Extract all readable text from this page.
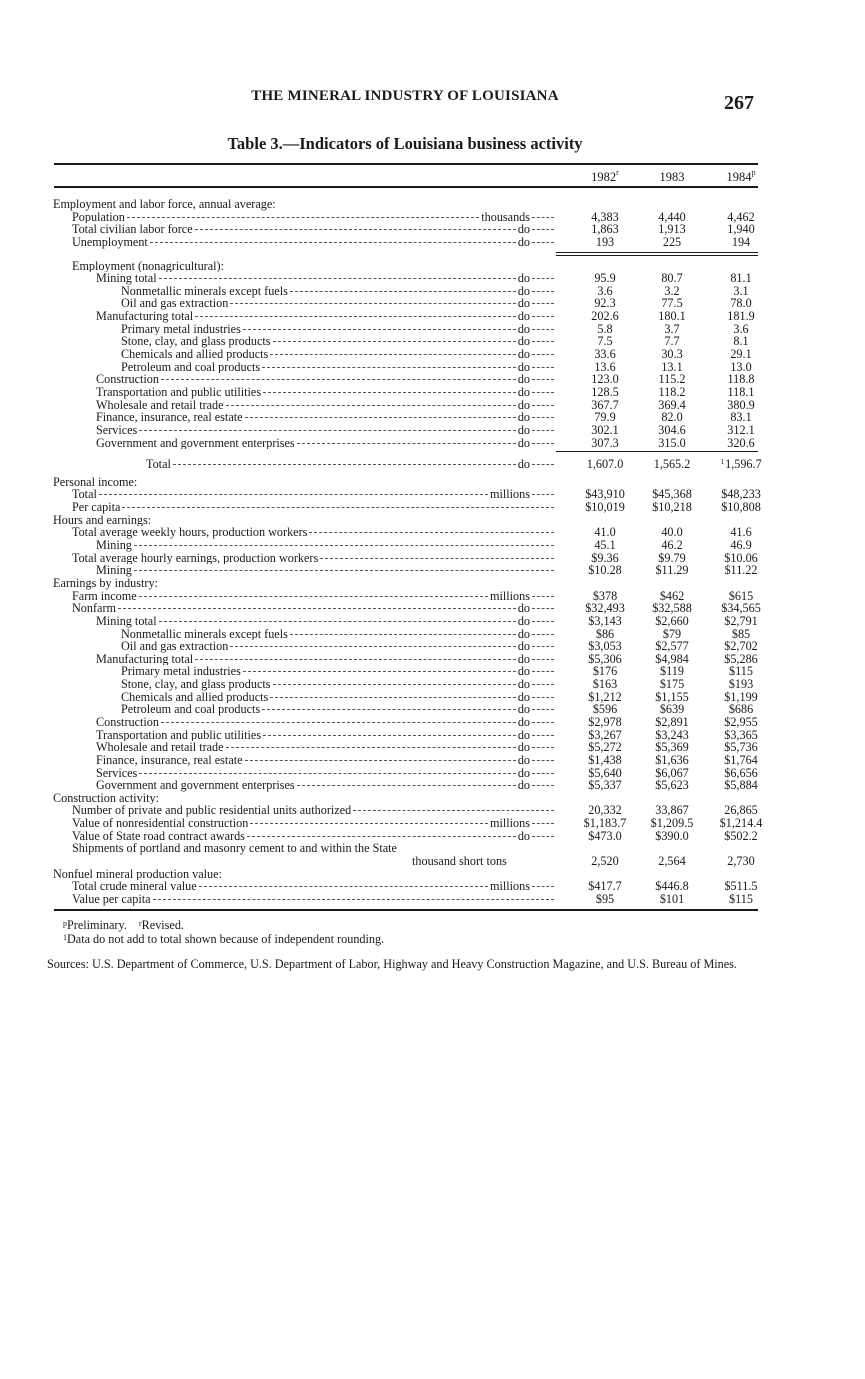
THE MINERAL INDUSTRY OF LOUISIANA	267
Table 3.—Indicators of Louisiana business activity
1982$^r$	1983	1984$^p$
Employment and labor force, annual average:
Population	thousands	4,383	4,440	4,462
Total civilian labor force	do	1,863	1,913	1,940
Unemployment	do	193	225	194
Employment (nonagricultural):
Mining total	do	95.9	80.7	81.1
Nonmetallic minerals except fuels	do	3.6	3.2	3.1
Oil and gas extraction	do	92.3	77.5	78.0
Manufacturing total	do	202.6	180.1	181.9
Primary metal industries	do	5.8	3.7	3.6
Stone, clay, and glass products	do	7.5	7.7	8.1
Chemicals and allied products	do	33.6	30.3	29.1
Petroleum and coal products	do	13.6	13.1	13.0
Construction	do	123.0	115.2	118.8
Transportation and public utilities	do	128.5	118.2	118.1
Wholesale and retail trade	do	367.7	369.4	380.9
Finance, insurance, real estate	do	79.9	82.0	83.1
Services	do	302.1	304.6	312.1
Government and government enterprises	do	307.3	315.0	320.6
Total	do	1,607.0	1,565.2	$^1$1,596.7
Personal income:
Total	millions	$43,910	$45,368	$48,233
Per capita	$10,019	$10,218	$10,808
Hours and earnings:
Total average weekly hours, production workers	41.0	40.0	41.6
Mining	45.1	46.2	46.9
Total average hourly earnings, production workers	$9.36	$9.79	$10.06
Mining	$10.28	$11.29	$11.22
Earnings by industry:
Farm income	millions	$378	$462	$615
Nonfarm	do	$32,493	$32,588	$34,565
Mining total	do	$3,143	$2,660	$2,791
Nonmetallic minerals except fuels	do	$86	$79	$85
Oil and gas extraction	do	$3,053	$2,577	$2,702
Manufacturing total	do	$5,306	$4,984	$5,286
Primary metal industries	do	$176	$119	$115
Stone, clay, and glass products	do	$163	$175	$193
Chemicals and allied products	do	$1,212	$1,155	$1,199
Petroleum and coal products	do	$596	$639	$686
Construction	do	$2,978	$2,891	$2,955
Transportation and public utilities	do	$3,267	$3,243	$3,365
Wholesale and retail trade	do	$5,272	$5,369	$5,736
Finance, insurance, real estate	do	$1,438	$1,636	$1,764
Services	do	$5,640	$6,067	$6,656
Government and government enterprises	do	$5,337	$5,623	$5,884
Construction activity:
Number of private and public residential units authorized	20,332	33,867	26,865
Value of nonresidential construction	millions	$1,183.7	$1,209.5	$1,214.4
Value of State road contract awards	do	$473.0	$390.0	$502.2
Shipments of portland and masonry cement to and within the State
thousand short tons	2,520	2,564	2,730
Nonfuel mineral production value:
Total crude mineral value	millions	$417.7	$446.8	$511.5
Value per capita	$95	$101	$115
$^p$Preliminary. $^r$Revised.
$^1$Data do not add to total shown because of independent rounding.
Sources: U.S. Department of Commerce, U.S. Department of Labor, Highway and Heavy Construction Magazine, and U.S. Bureau of Mines.
